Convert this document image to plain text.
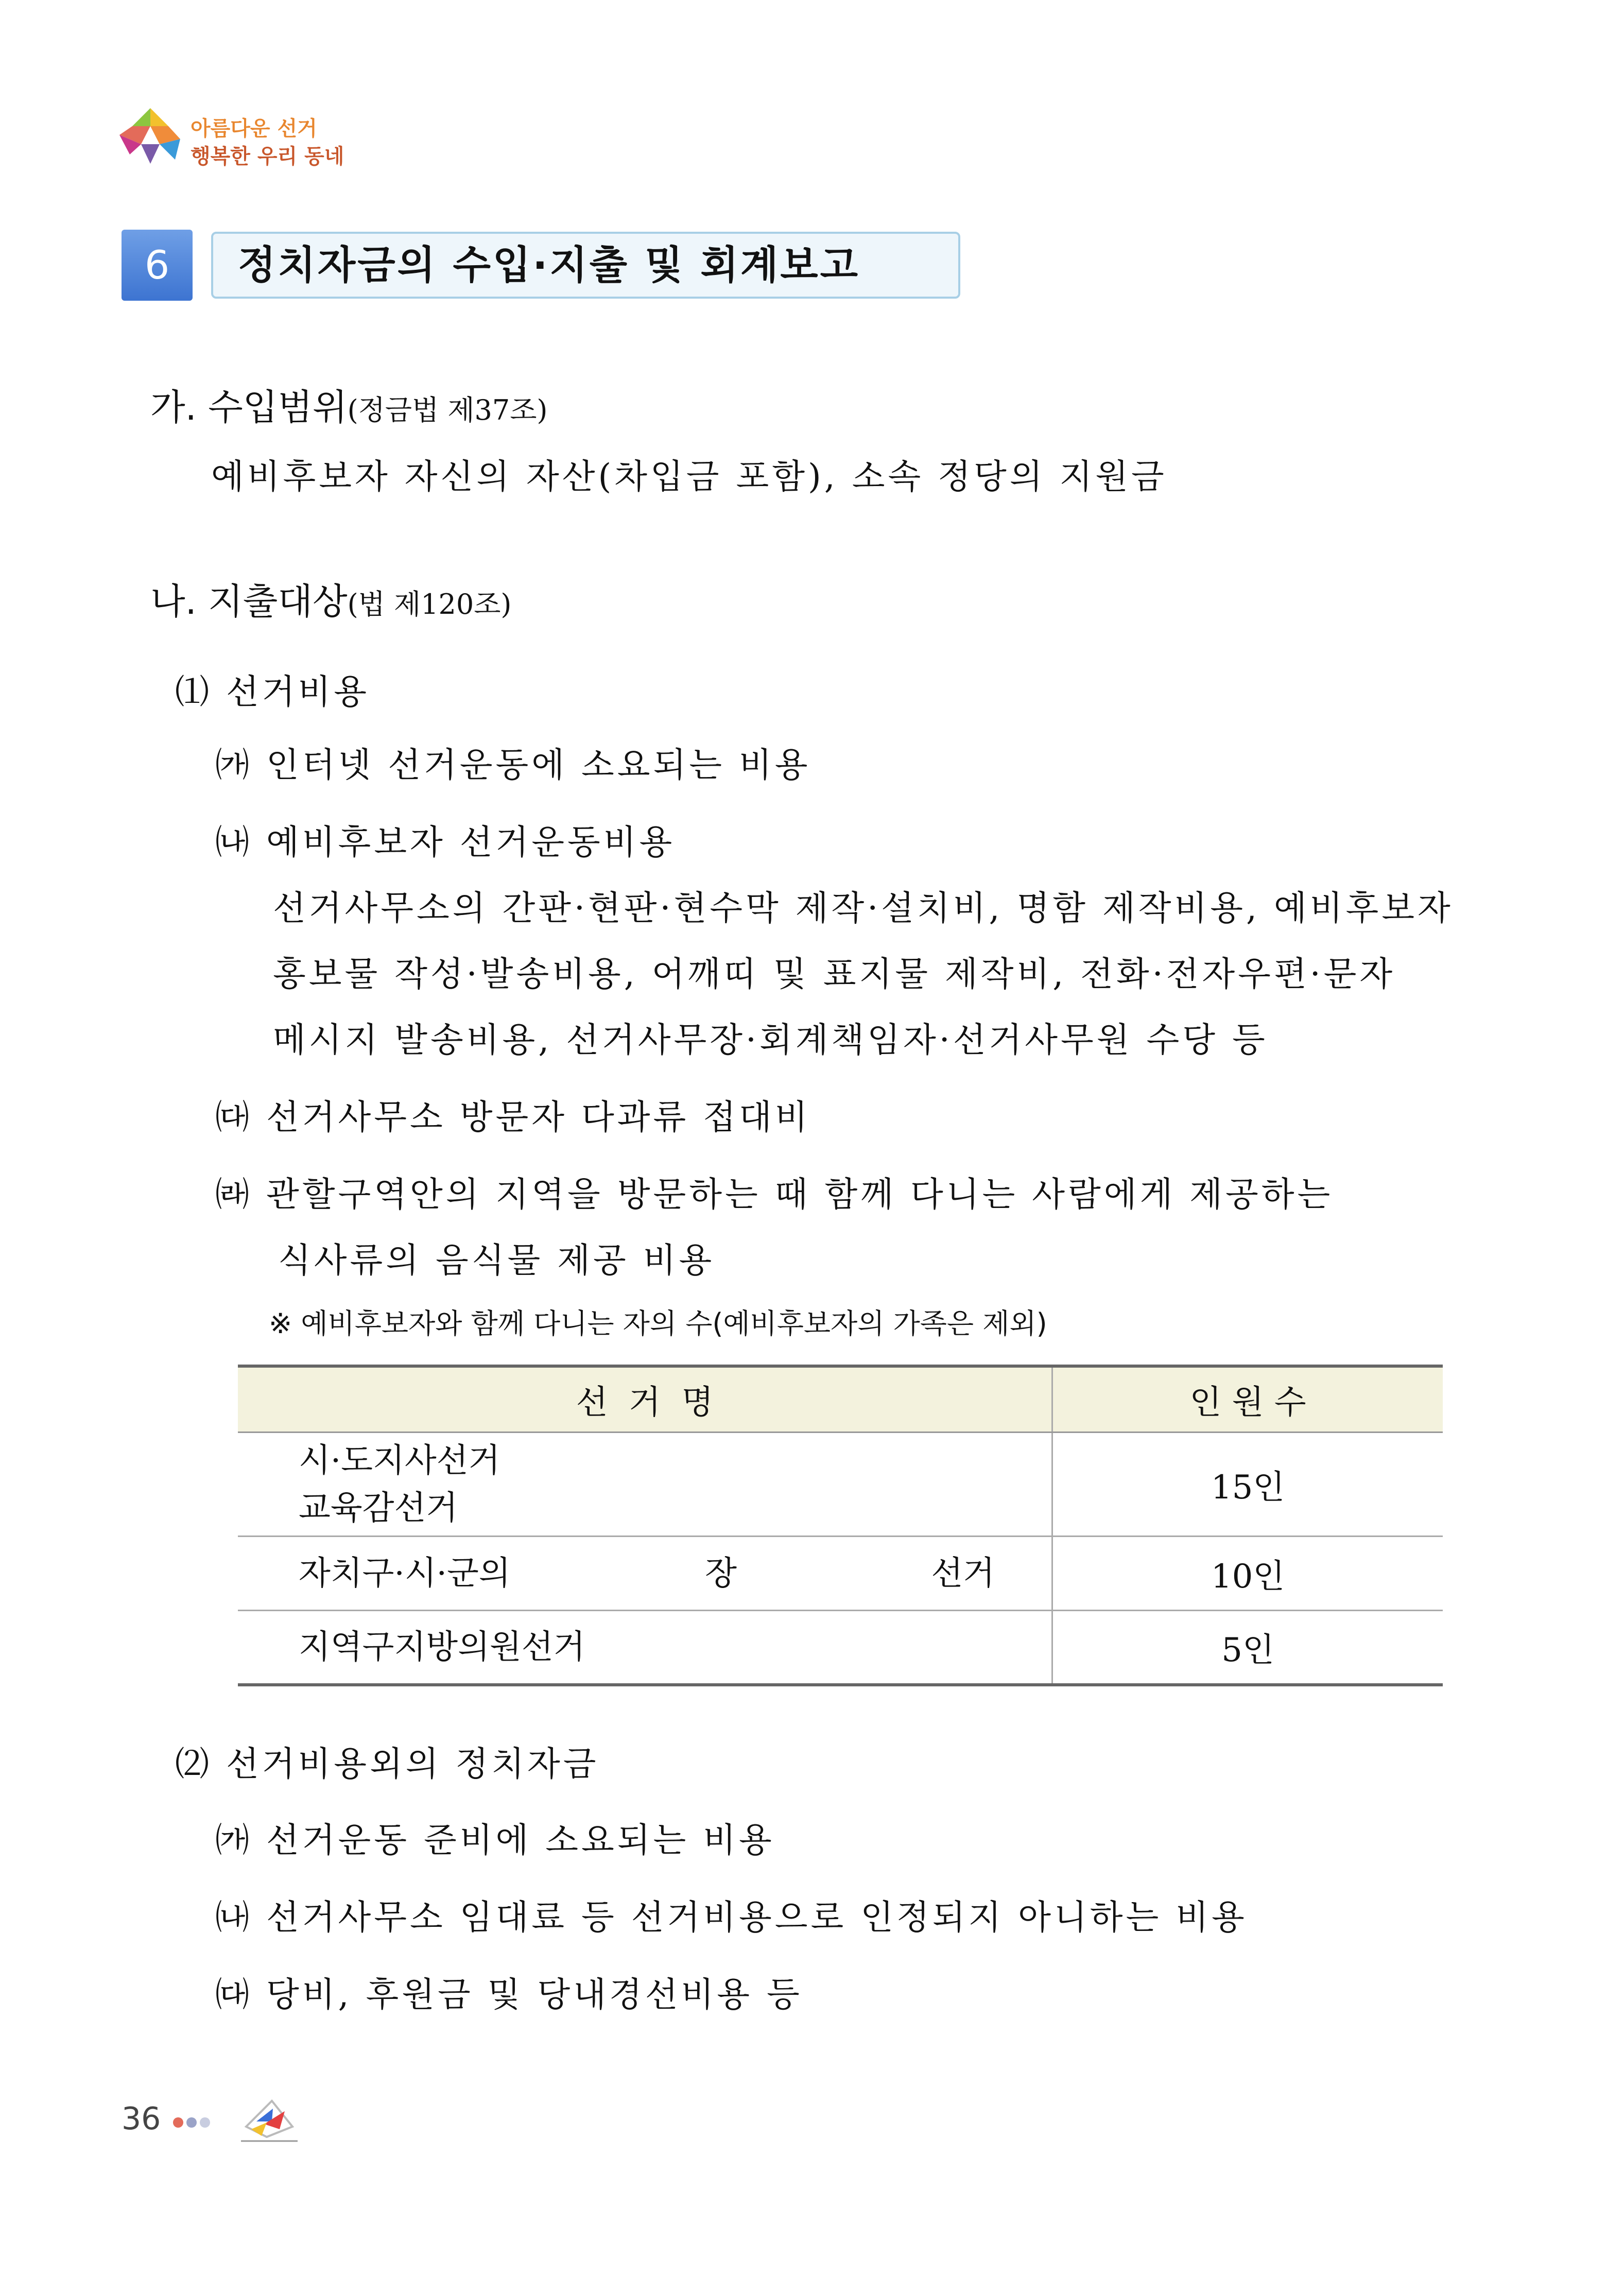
아름다운 선거
행복한 우리 동네
6	정치자금의 수입·지출 및 회계보고
가. 수입범위(정금법 제37조)
예비후보자 자신의 자산(차입금 포함), 소속 정당의 지원금
나. 지출대상(법 제120조)
⑴ 선거비용
㈎ 인터넷 선거운동에 소요되는 비용
㈏ 예비후보자 선거운동비용
선거사무소의 간판·현판·현수막 제작·설치비, 명함 제작비용, 예비후보자
홍보물 작성·발송비용, 어깨띠 및 표지물 제작비, 전화·전자우편·문자
메시지 발송비용, 선거사무장·회계책임자·선거사무원 수당 등
㈐ 선거사무소 방문자 다과류 접대비
㈑ 관할구역안의 지역을 방문하는 때 함께 다니는 사람에게 제공하는
식사류의 음식물 제공 비용
※ 예비후보자와 함께 다니는 자의 수(예비후보자의 가족은 제외)
선  거  명	인 원 수

시·도지사선거
교육감선거	15인

자치구·시·군의 장 선거	10인

지역구지방의원선거	5인
⑵ 선거비용외의 정치자금
㈎ 선거운동 준비에 소요되는 비용
㈏ 선거사무소 임대료 등 선거비용으로 인정되지 아니하는 비용
㈐ 당비, 후원금 및 당내경선비용 등
36
